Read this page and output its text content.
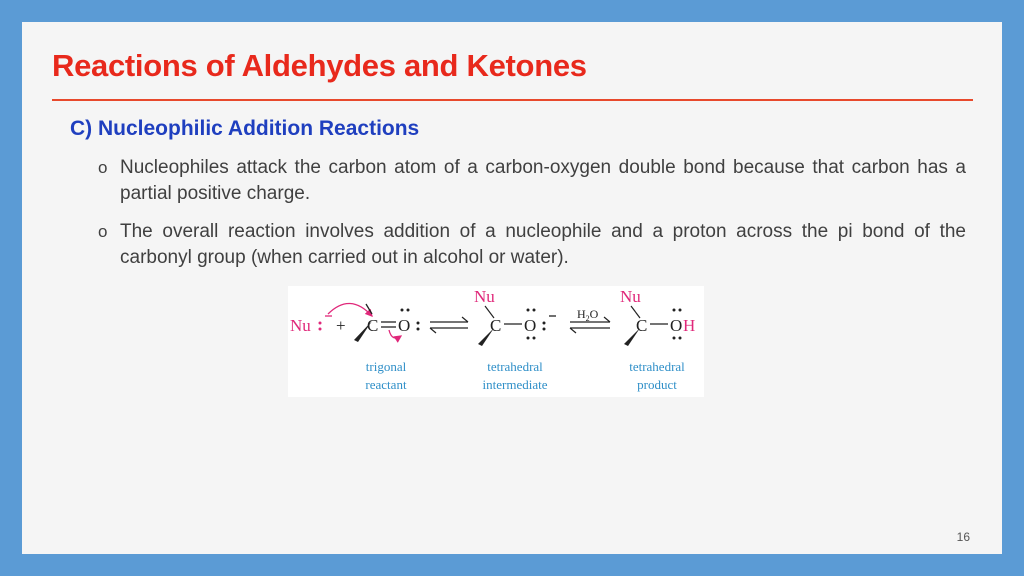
Reactions of Aldehydes and Ketones
C) Nucleophilic Addition Reactions
o Nucleophiles attack the carbon atom of a carbon-oxygen double bond because that carbon has a partial positive charge.
o The overall reaction involves addition of a nucleophile and a proton across the pi bond of the carbonyl group (when carried out in alcohol or water).
Nu + C O
Nu
C O
$H_2O$
Nu
C O H
trigonal
reactant
tetrahedral
intermediate
tetrahedral
product
16
